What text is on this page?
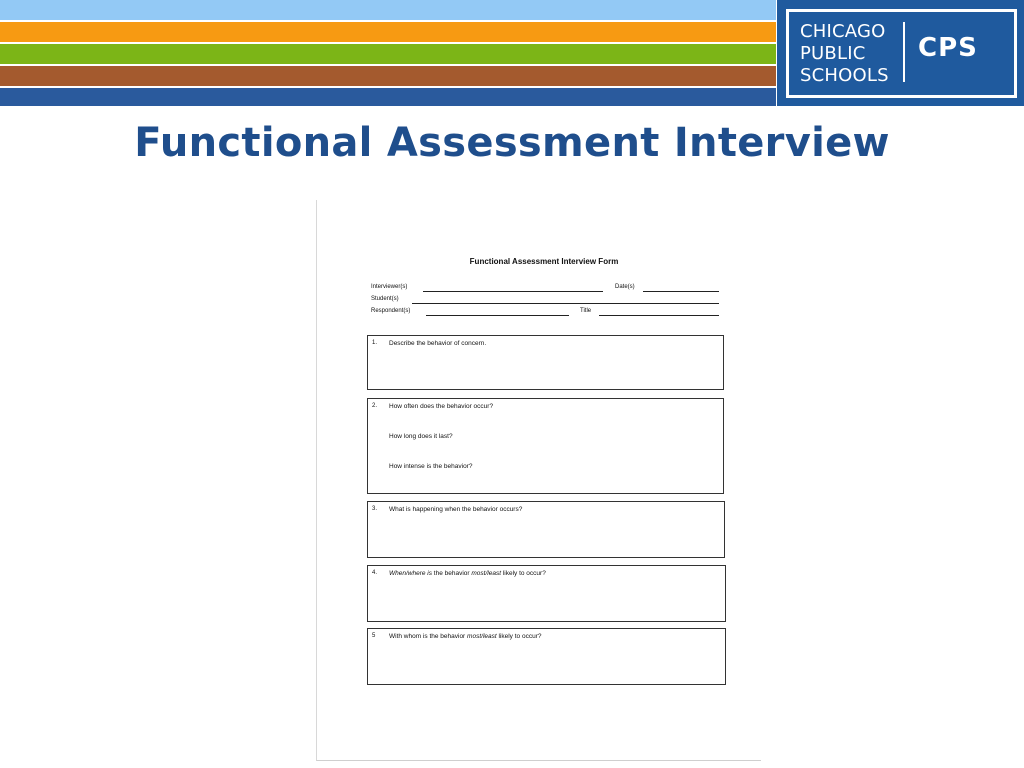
CHICAGO
PUBLIC
SCHOOLS
CPS
Functional Assessment Interview
Functional Assessment Interview Form
Interviewer(s)	Date(s)
Student(s)
Respondent(s)	Title
1. Describe the behavior of concern.
2. How often does the behavior occur?
How long does it last?
How intense is the behavior?
3. What is happening when the behavior occurs?
4. When/where is the behavior most/least likely to occur?
5 With whom is the behavior most/least likely to occur?
